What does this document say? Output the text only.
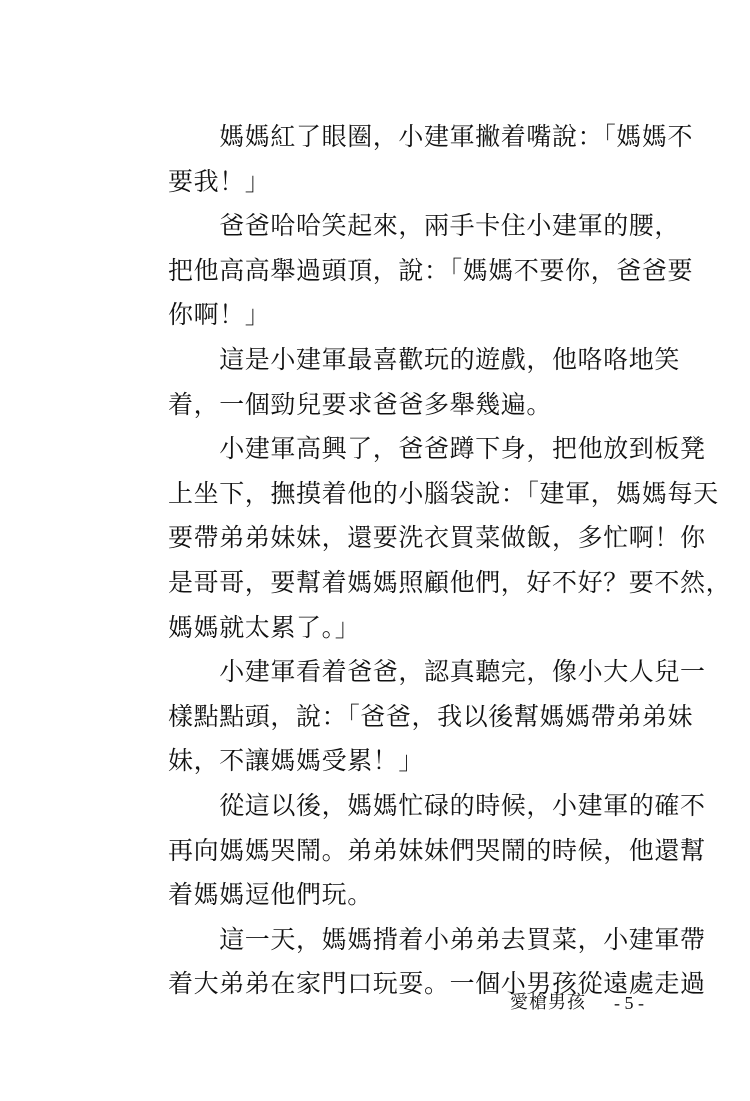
　　媽媽紅了眼圈，小建軍撇着嘴說：「媽媽不
要我！」
　　爸爸哈哈笑起來，兩手卡住小建軍的腰，
把他高高舉過頭頂，說：「媽媽不要你，爸爸要
你啊！」
　　這是小建軍最喜歡玩的遊戲，他咯咯地笑
着，一個勁兒要求爸爸多舉幾遍。
　　小建軍高興了，爸爸蹲下身，把他放到板凳
上坐下，撫摸着他的小腦袋說：「建軍，媽媽每天
要帶弟弟妹妹，還要洗衣買菜做飯，多忙啊！你
是哥哥，要幫着媽媽照顧他們，好不好？要不然，
媽媽就太累了。」
　　小建軍看着爸爸，認真聽完，像小大人兒一
樣點點頭，說：「爸爸，我以後幫媽媽帶弟弟妹
妹，不讓媽媽受累！」
　　從這以後，媽媽忙碌的時候，小建軍的確不
再向媽媽哭鬧。弟弟妹妹們哭鬧的時候，他還幫
着媽媽逗他們玩。
　　這一天，媽媽揹着小弟弟去買菜，小建軍帶
着大弟弟在家門口玩耍。一個小男孩從遠處走過
愛槍男孩 - 5 -
